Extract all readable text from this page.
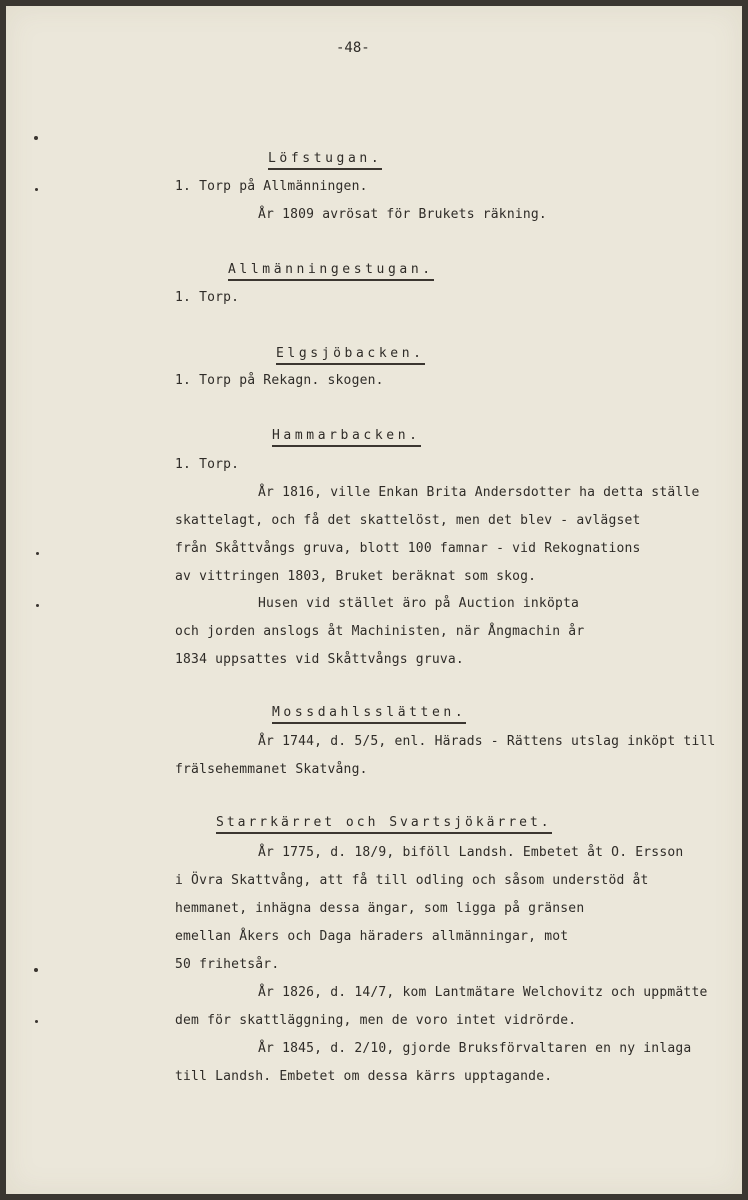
-48-
Löfstugan.
1. Torp på Allmänningen.
År 1809 avrösat för Brukets räkning.
Allmänningestugan.
1. Torp.
Elgsjöbacken.
1. Torp på Rekagn. skogen.
Hammarbacken.
1. Torp.
År 1816, ville Enkan Brita Andersdotter ha detta ställe
skattelagt, och få det skattelöst, men det blev - avlägset
från Skåttvångs gruva, blott 100 famnar - vid Rekognations
av vittringen 1803, Bruket beräknat som skog.
Husen vid stället äro på Auction inköpta
och jorden anslogs åt Machinisten, när Ångmachin år
1834 uppsattes vid Skåttvångs gruva.
Mossdahlsslätten.
År 1744, d. 5/5, enl. Härads - Rättens utslag inköpt till
frälsehemmanet Skatvång.
Starrkärret och Svartsjökärret.
År 1775, d. 18/9, biföll Landsh. Embetet åt O. Ersson
i Övra Skattvång, att få till odling och såsom understöd åt
hemmanet, inhägna dessa ängar, som ligga på gränsen
emellan Åkers och Daga häraders allmänningar, mot
50 frihetsår.
År 1826, d. 14/7, kom Lantmätare Welchovitz och uppmätte
dem för skattläggning, men de voro intet vidrörde.
År 1845, d. 2/10, gjorde Bruksförvaltaren en ny inlaga
till Landsh. Embetet om dessa kärrs upptagande.
